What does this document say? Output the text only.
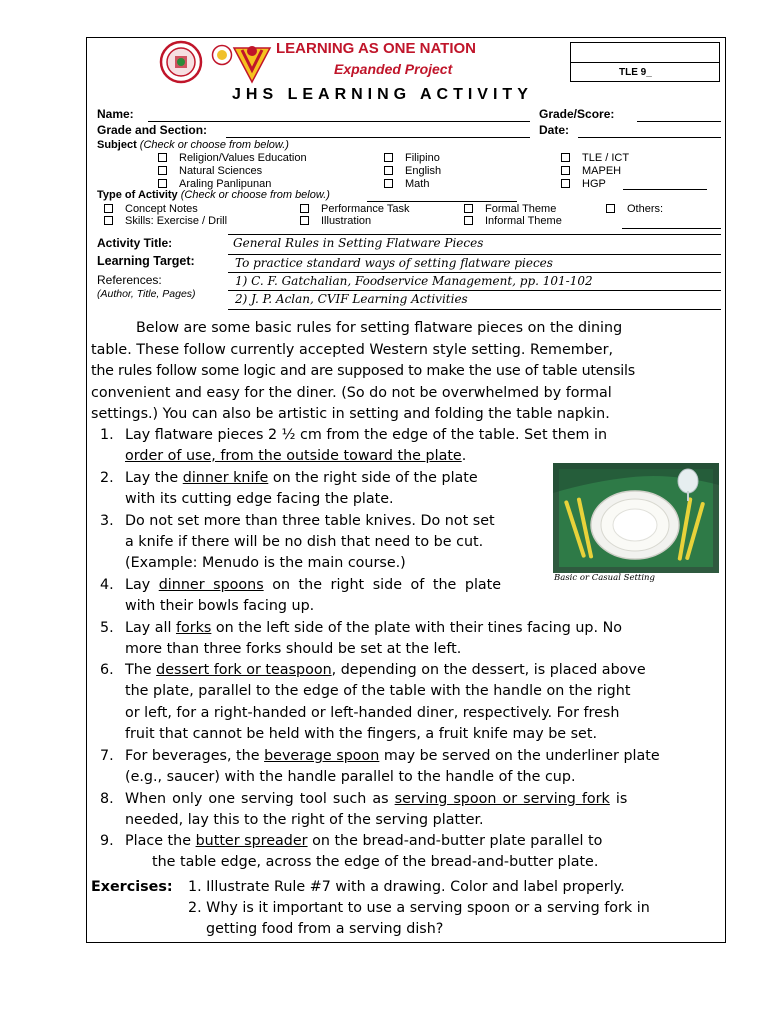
LEARNING AS ONE NATION
Expanded Project	TLE 9_
JHS LEARNING ACTIVITY
Name:	Grade/Score:
Grade and Section:	Date:
Subject (Check or choose from below.)
Religion/Values Education
Natural Sciences
Araling Panlipunan
Filipino
English
Math
TLE / ICT
MAPEH
HGP
Type of Activity (Check or choose from below.)
Concept Notes
Skills: Exercise / Drill
Performance Task
Illustration
Formal Theme
Informal Theme
Others:
Activity Title:	General Rules in Setting Flatware Pieces
Learning Target:	To practice standard ways of setting flatware pieces
References:
(Author, Title, Pages)
1) C. F. Gatchalian, Foodservice Management, pp. 101-102
2) J. P. Aclan, CVIF Learning Activities
Below are some basic rules for setting flatware pieces on the dining
table. These follow currently accepted Western style setting. Remember,
the rules follow some logic and are supposed to make the use of table utensils
convenient and easy for the diner. (So do not be overwhelmed by formal
settings.) You can also be artistic in setting and folding the table napkin.
1. Lay flatware pieces 2 ½ cm from the edge of the table. Set them in
order of use, from the outside toward the plate.
2. Lay the dinner knife on the right side of the plate
with its cutting edge facing the plate.
3. Do not set more than three table knives. Do not set
a knife if there will be no dish that need to be cut.
(Example: Menudo is the main course.)
4. Lay dinner spoons on the right side of the plate
with their bowls facing up.
5. Lay all forks on the left side of the plate with their tines facing up. No
more than three forks should be set at the left.
6. The dessert fork or teaspoon, depending on the dessert, is placed above
the plate, parallel to the edge of the table with the handle on the right
or left, for a right-handed or left-handed diner, respectively. For fresh
fruit that cannot be held with the fingers, a fruit knife may be set.
7. For beverages, the beverage spoon may be served on the underliner plate
(e.g., saucer) with the handle parallel to the handle of the cup.
8. When only one serving tool such as serving spoon or serving fork is
needed, lay this to the right of the serving platter.
9. Place the butter spreader on the bread-and-butter plate parallel to
the table edge, across the edge of the bread-and-butter plate.
Basic or Casual Setting
Exercises: 1. Illustrate Rule #7 with a drawing. Color and label properly.
2. Why is it important to use a serving spoon or a serving fork in
getting food from a serving dish?
